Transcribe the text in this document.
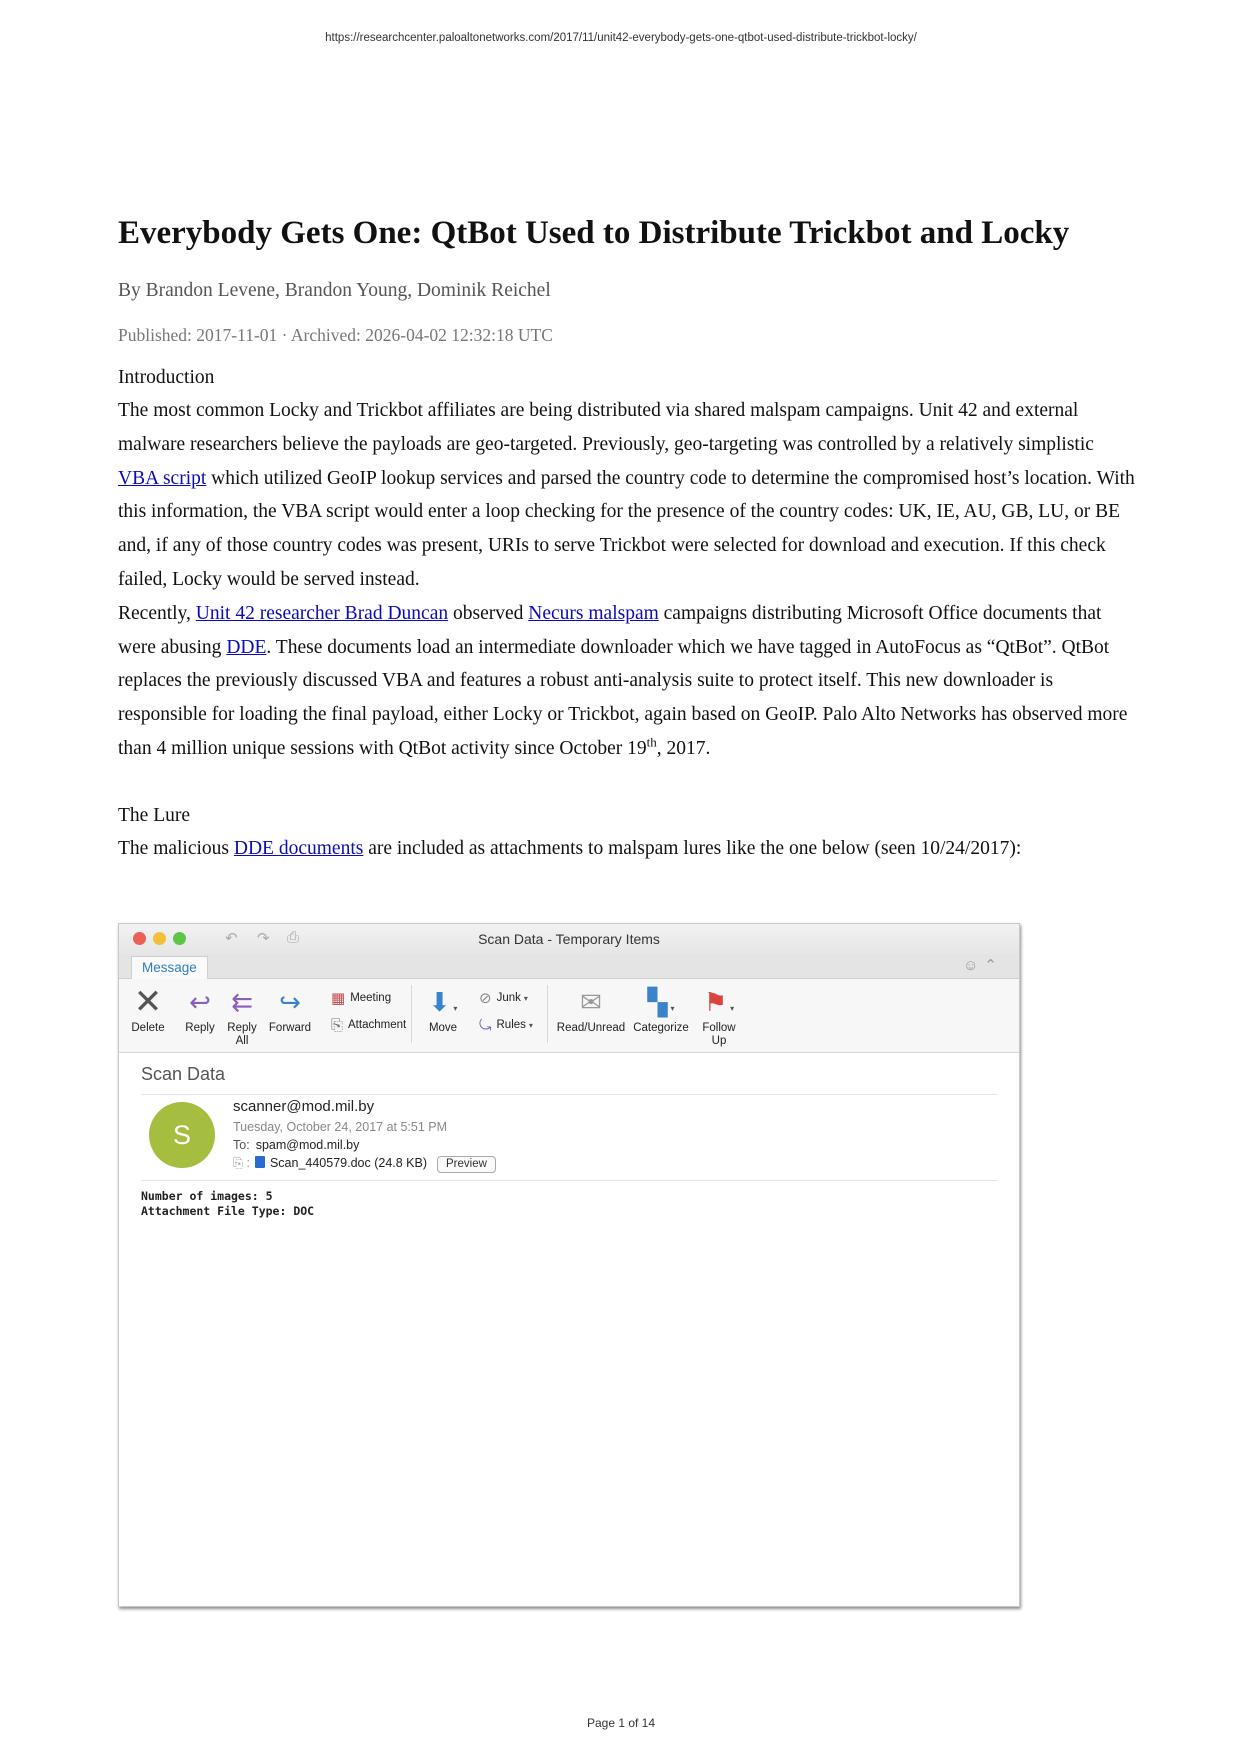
https://researchcenter.paloaltonetworks.com/2017/11/unit42-everybody-gets-one-qtbot-used-distribute-trickbot-locky/
Everybody Gets One: QtBot Used to Distribute Trickbot and Locky
By Brandon Levene, Brandon Young, Dominik Reichel
Published: 2017-11-01 · Archived: 2026-04-02 12:32:18 UTC
Introduction

The most common Locky and Trickbot affiliates are being distributed via shared malspam campaigns. Unit 42 and external malware researchers believe the payloads are geo-targeted. Previously, geo-targeting was controlled by a relatively simplistic VBA script which utilized GeoIP lookup services and parsed the country code to determine the compromised host’s location. With this information, the VBA script would enter a loop checking for the presence of the country codes: UK, IE, AU, GB, LU, or BE and, if any of those country codes was present, URIs to serve Trickbot were selected for download and execution. If this check failed, Locky would be served instead.

Recently, Unit 42 researcher Brad Duncan observed Necurs malspam campaigns distributing Microsoft Office documents that were abusing DDE. These documents load an intermediate downloader which we have tagged in AutoFocus as “QtBot”. QtBot replaces the previously discussed VBA and features a robust anti-analysis suite to protect itself. This new downloader is responsible for loading the final payload, either Locky or Trickbot, again based on GeoIP. Palo Alto Networks has observed more than 4 million unique sessions with QtBot activity since October 19th, 2017.

The Lure

The malicious DDE documents are included as attachments to malspam lures like the one below (seen 10/24/2017):

↶ ↷ ⎙	Scan Data - Temporary Items
Message	☺⌃
✕
Delete
↩
Reply
⇇
Reply All
↪
Forward
▦ Meeting
⎘ Attachment
⬇ ▾
Move
⊘ Junk ▾
⤿ Rules ▾
✉
Read/Unread
▚ ▾
Categorize
⚑ ▾
Follow Up
Scan Data
S
scanner@mod.mil.by
Tuesday, October 24, 2017 at 5:51 PM
To: spam@mod.mil.by
⎘ : Scan_440579.doc (24.8 KB) Preview
Number of images: 5
Attachment File Type: DOC
Page 1 of 14
